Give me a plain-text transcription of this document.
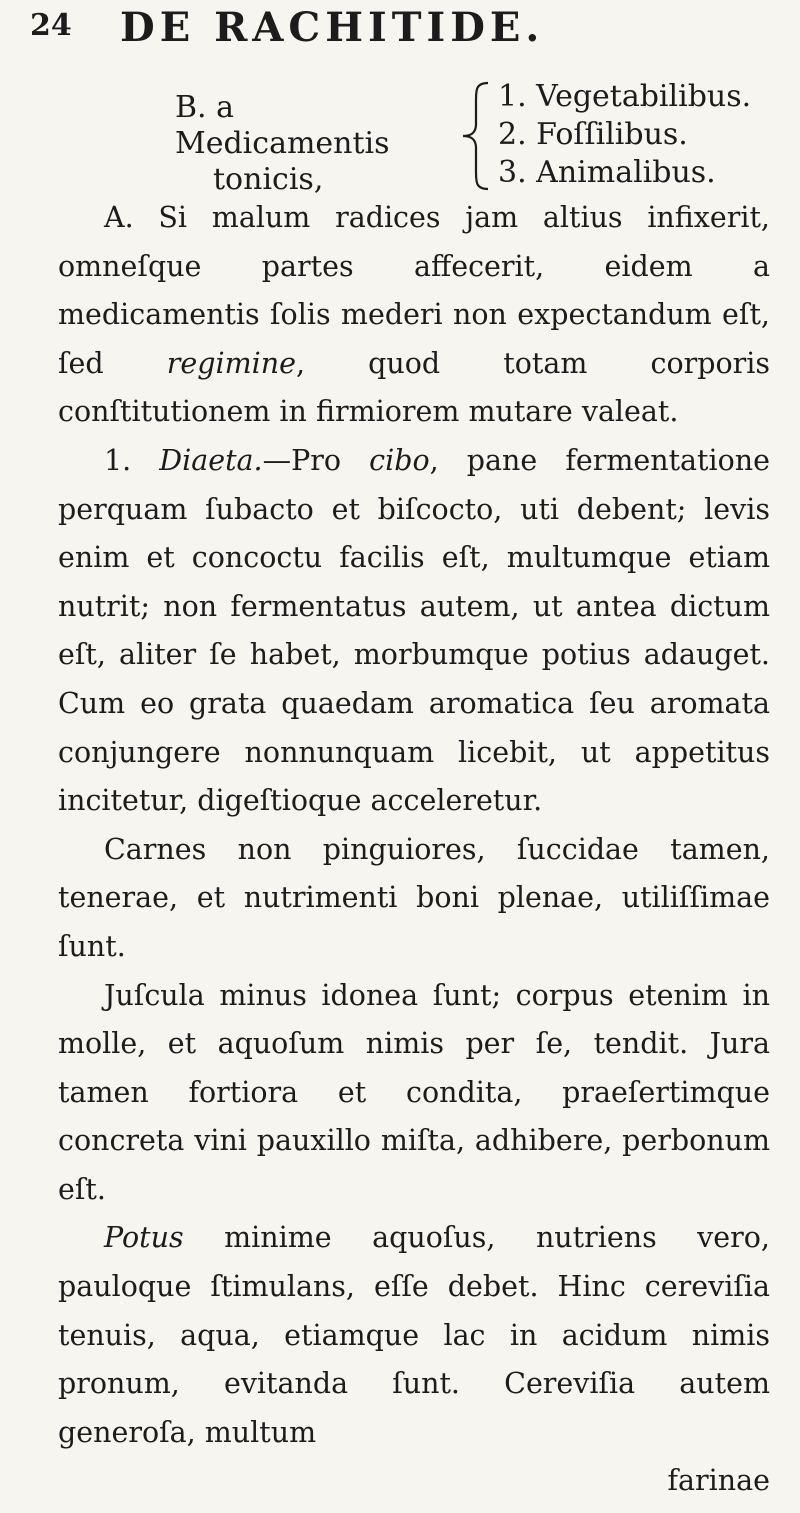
24 DE RACHITIDE.
B. a Medicamentis
tonicis,
1. Vegetabilibus.
2. Foſſilibus.
3. Animalibus.

A. Si malum radices jam altius infixerit, omneſque partes affecerit, eidem a medicamentis ſolis mederi non expectandum eſt, ſed regimine, quod totam corporis conſtitutionem in firmiorem mutare valeat.

1. Diaeta.—Pro cibo, pane fermentatione perquam ſubacto et biſcocto, uti debent; levis enim et concoctu facilis eſt, multumque etiam nutrit; non fermentatus autem, ut antea dictum eſt, aliter ſe habet, morbumque potius adauget. Cum eo grata quaedam aromatica ſeu aromata conjungere nonnunquam licebit, ut appetitus incitetur, digeſtioque acceleretur.

Carnes non pinguiores, ſuccidae tamen, tenerae, et nutrimenti boni plenae, utiliſſimae ſunt.

Juſcula minus idonea ſunt; corpus etenim in molle, et aquoſum nimis per ſe, tendit. Jura tamen fortiora et condita, praeſertimque concreta vini pauxillo miſta, adhibere, perbonum eſt.

Potus minime aquoſus, nutriens vero, pauloque ſtimulans, eſſe debet. Hinc cereviſia tenuis, aqua, etiamque lac in acidum nimis pronum, evitanda ſunt. Cereviſia autem generoſa, multum

farinae
